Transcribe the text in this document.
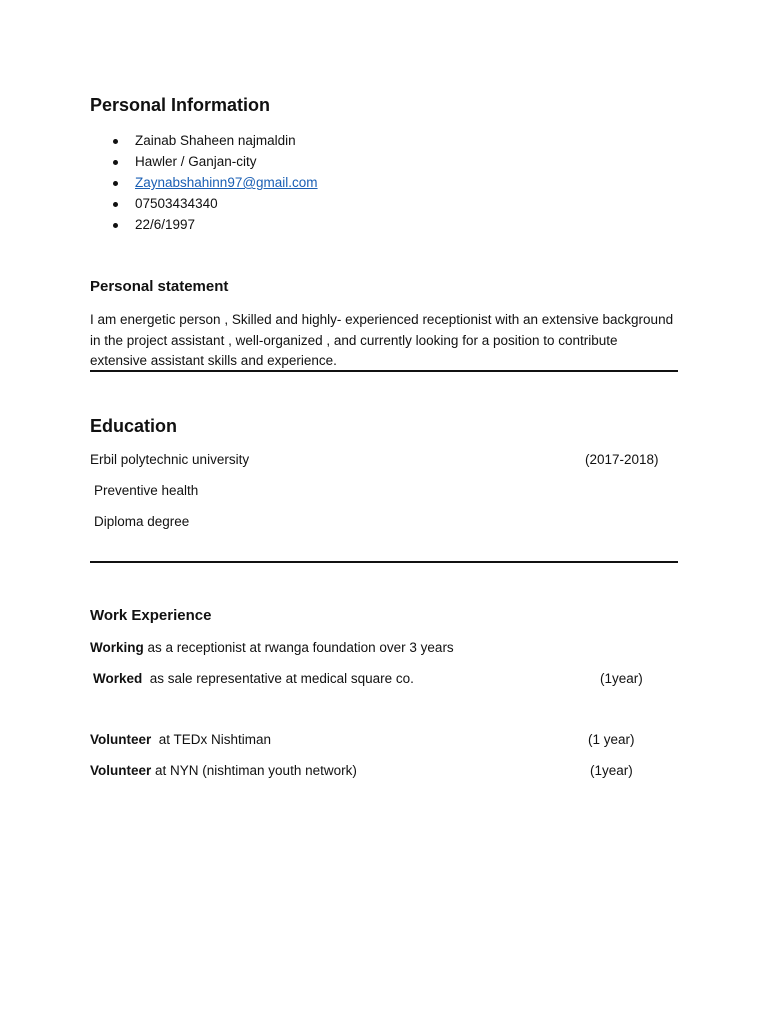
Personal Information
Zainab Shaheen najmaldin
Hawler / Ganjan-city
Zaynabshahinn97@gmail.com
07503434340
22/6/1997
Personal statement
I am energetic person , Skilled and highly- experienced receptionist with an extensive background in the project assistant , well-organized , and currently looking for a position to contribute extensive assistant skills and experience.
Education
Erbil polytechnic university	(2017-2018)
Preventive health
Diploma degree
Work Experience
Working as a receptionist at rwanga foundation over 3 years
Worked  as sale representative at medical square co.	(1year)
Volunteer  at TEDx Nishtiman	(1 year)
Volunteer at NYN (nishtiman youth network)	(1year)
